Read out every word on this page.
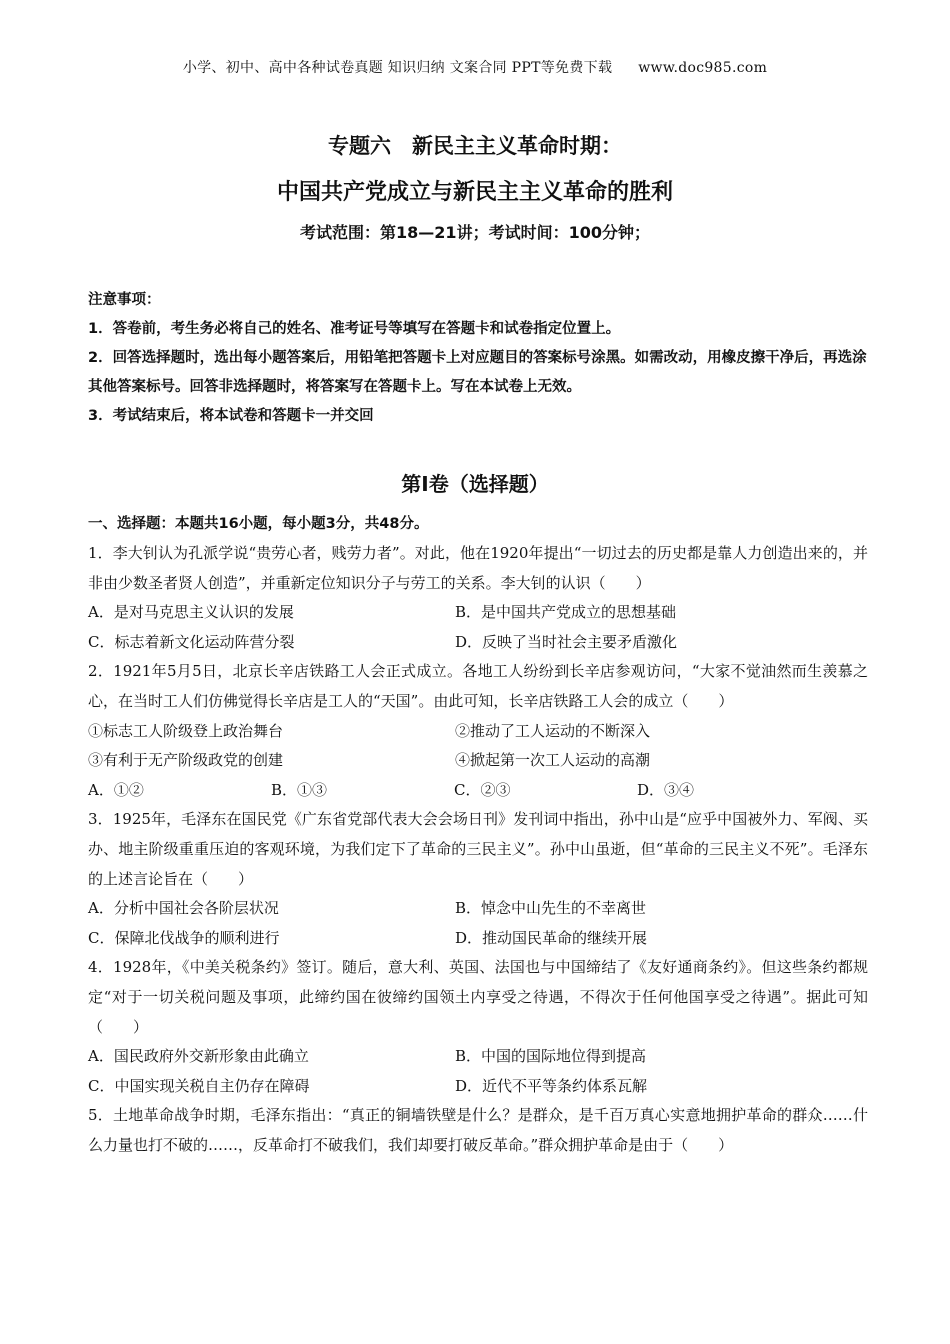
小学、初中、高中各种试卷真题 知识归纳 文案合同 PPT等免费下载 www.doc985.com
专题六　新民主主义革命时期：
中国共产党成立与新民主主义革命的胜利
考试范围：第18—21讲；考试时间：100分钟；
注意事项：
1．答卷前，考生务必将自己的姓名、准考证号等填写在答题卡和试卷指定位置上。
2．回答选择题时，选出每小题答案后，用铅笔把答题卡上对应题目的答案标号涂黑。如需改动，用橡皮擦干净后，再选涂其他答案标号。回答非选择题时，将答案写在答题卡上。写在本试卷上无效。
3．考试结束后，将本试卷和答题卡一并交回
第I卷（选择题）
一、选择题：本题共16小题，每小题3分，共48分。

1．李大钊认为孔派学说“贵劳心者，贱劳力者”。对此，他在1920年提出“一切过去的历史都是靠人力创造出来的，并非由少数圣者贤人创造”，并重新定位知识分子与劳工的关系。李大钊的认识（　　）

A．是对马克思主义认识的发展	B．是中国共产党成立的思想基础
C．标志着新文化运动阵营分裂	D．反映了当时社会主要矛盾激化

2．1921年5月5日，北京长辛店铁路工人会正式成立。各地工人纷纷到长辛店参观访问，“大家不觉油然而生羡慕之心，在当时工人们仿佛觉得长辛店是工人的“天国”。由此可知，长辛店铁路工人会的成立（　　）

①标志工人阶级登上政治舞台	②推动了工人运动的不断深入
③有利于无产阶级政党的创建	④掀起第一次工人运动的高潮
A．①②	B．①③	C．②③	D．③④

3．1925年，毛泽东在国民党《广东省党部代表大会会场日刊》发刊词中指出，孙中山是“应乎中国被外力、军阀、买办、地主阶级重重压迫的客观环境，为我们定下了革命的三民主义”。孙中山虽逝，但“革命的三民主义不死”。毛泽东的上述言论旨在（　　）

A．分析中国社会各阶层状况	B．悼念中山先生的不幸离世
C．保障北伐战争的顺利进行	D．推动国民革命的继续开展

4．1928年，《中美关税条约》签订。随后，意大利、英国、法国也与中国缔结了《友好通商条约》。但这些条约都规定“对于一切关税问题及事项，此缔约国在彼缔约国领土内享受之待遇，不得次于任何他国享受之待遇”。据此可知（　　）

A．国民政府外交新形象由此确立	B．中国的国际地位得到提高
C．中国实现关税自主仍存在障碍	D．近代不平等条约体系瓦解

5．土地革命战争时期，毛泽东指出：“真正的铜墙铁壁是什么？是群众，是千百万真心实意地拥护革命的群众……什么力量也打不破的……，反革命打不破我们，我们却要打破反革命。”群众拥护革命是由于（　　）
